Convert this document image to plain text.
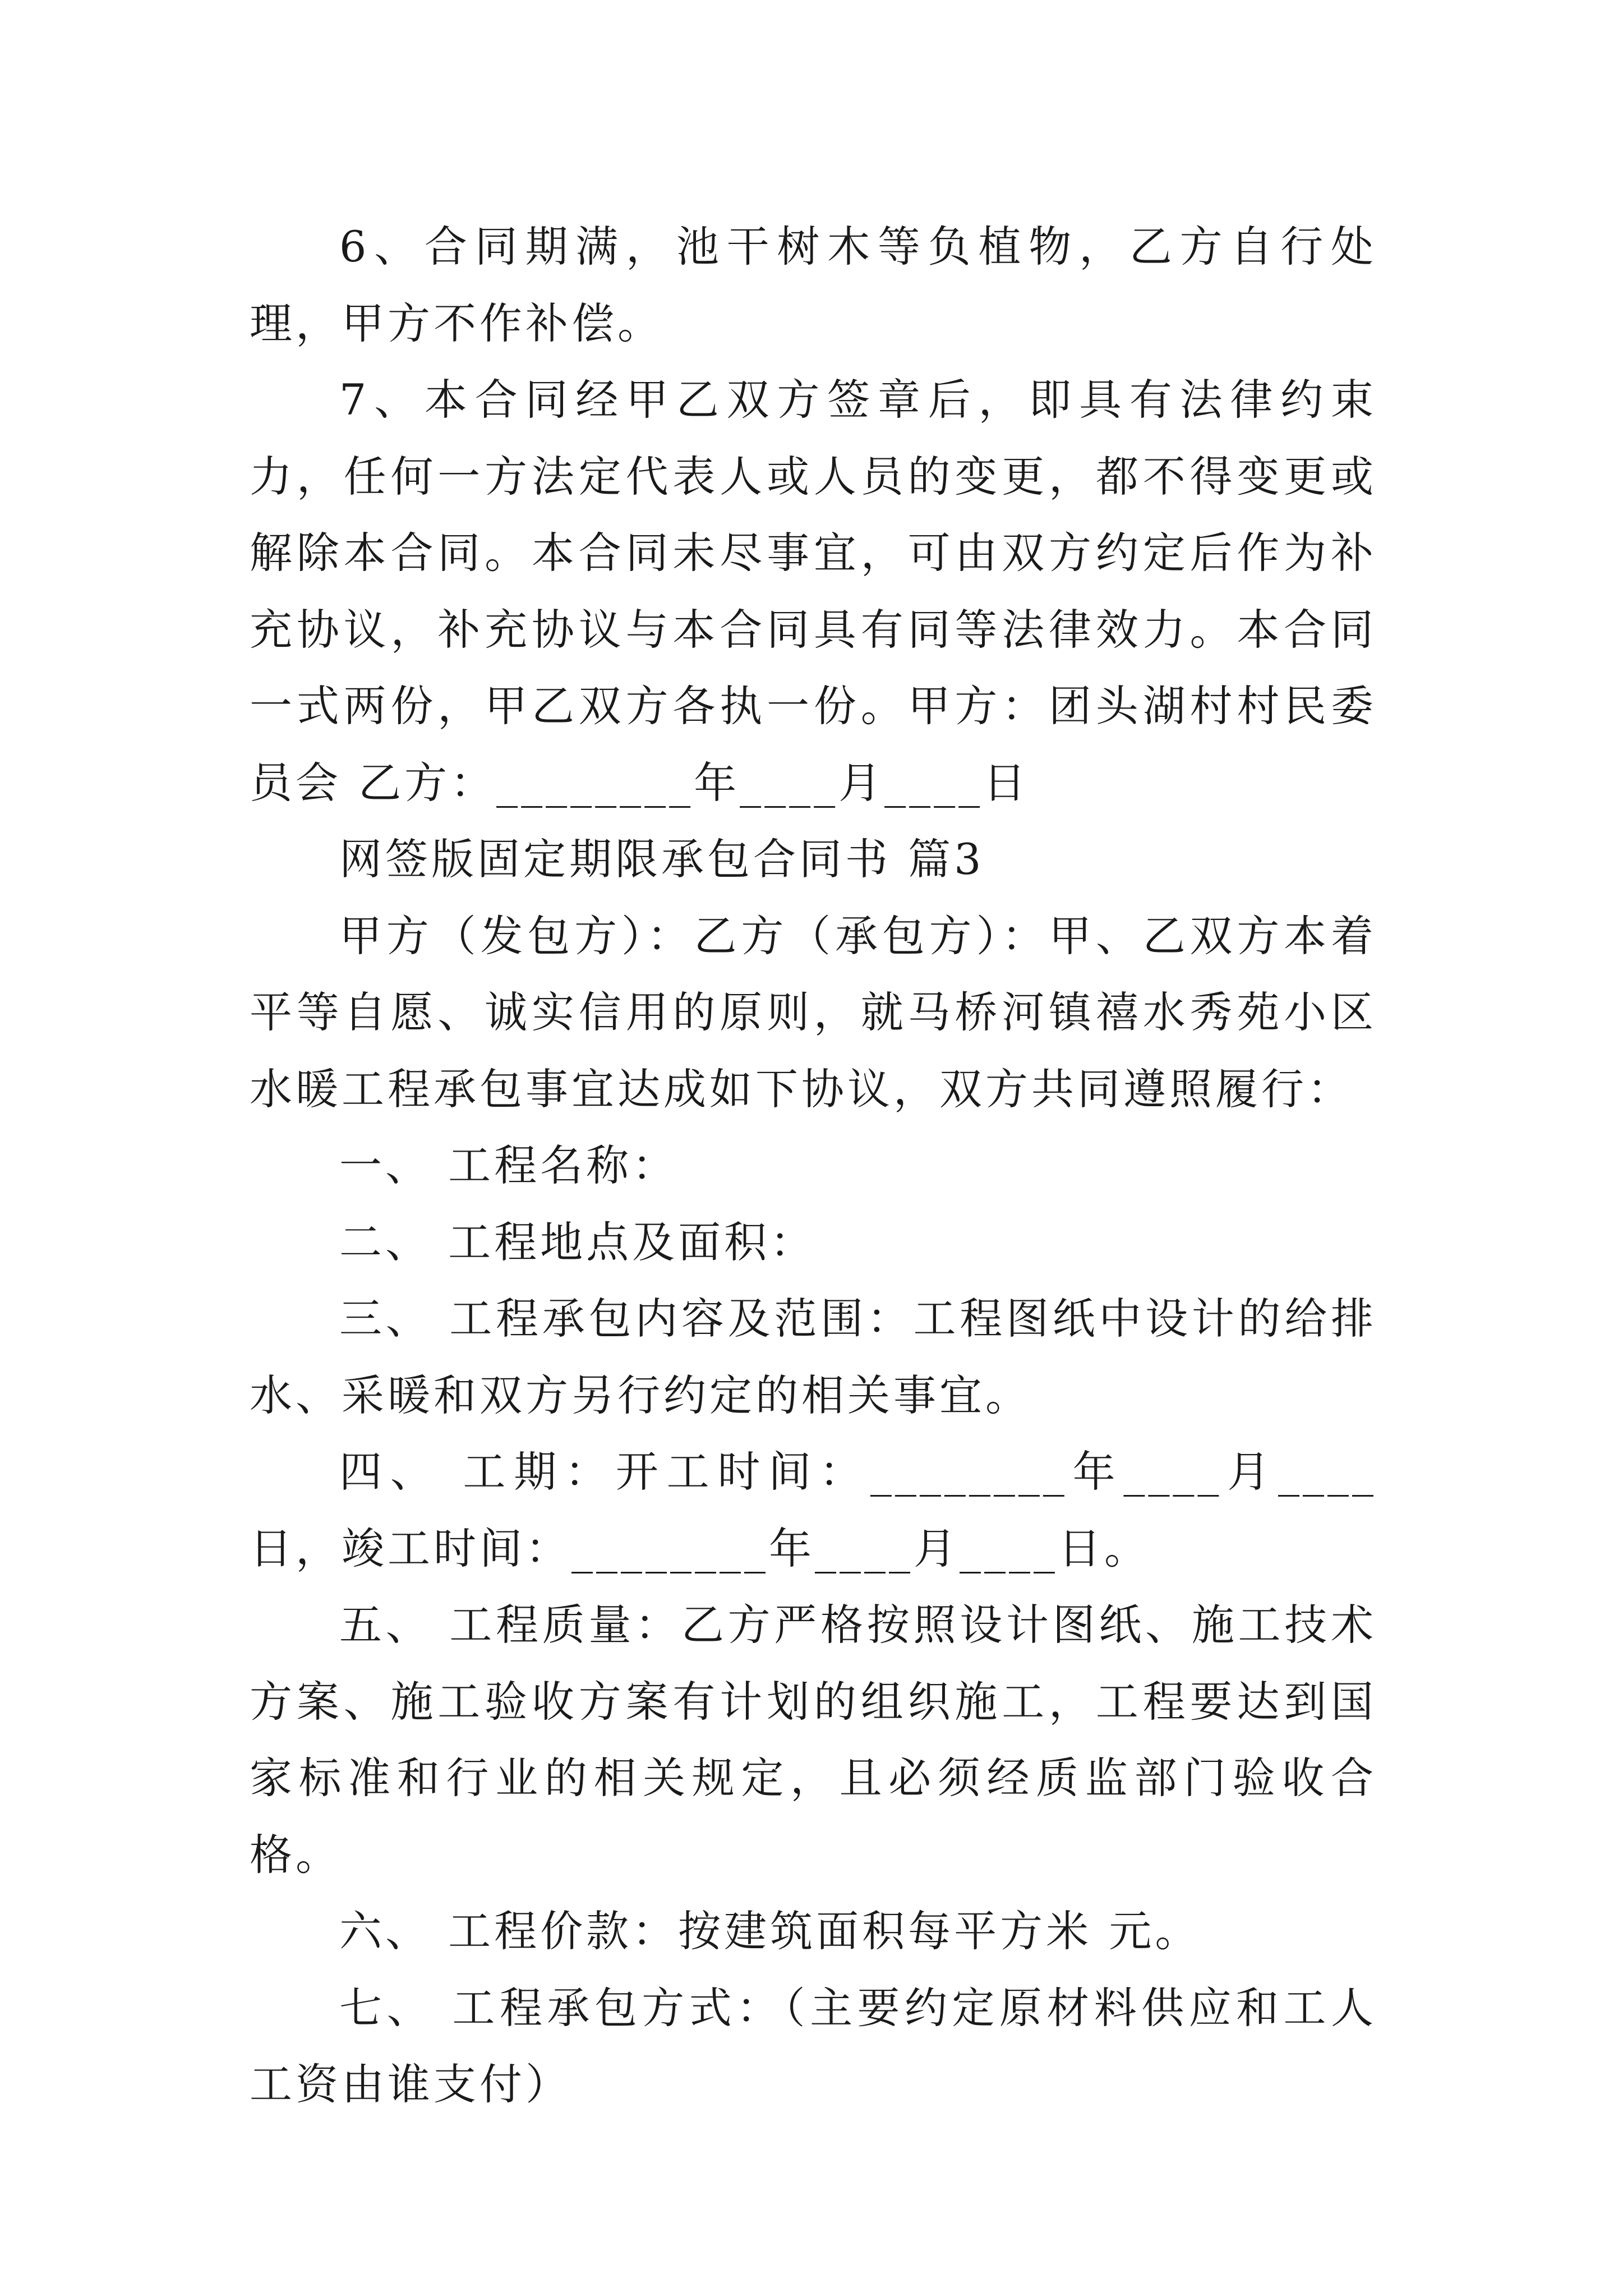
6、合同期满，池干树木等负植物，乙方自行处理，甲方不作补偿。

7、本合同经甲乙双方签章后，即具有法律约束力，任何一方法定代表人或人员的变更，都不得变更或解除本合同。本合同未尽事宜，可由双方约定后作为补充协议，补充协议与本合同具有同等法律效力。本合同一式两份，甲乙双方各执一份。甲方：团头湖村村民委员会 乙方：________年____月____日

网签版固定期限承包合同书 篇3

甲方（发包方）：乙方（承包方）：甲、乙双方本着平等自愿、诚实信用的原则，就马桥河镇禧水秀苑小区水暖工程承包事宜达成如下协议，双方共同遵照履行：

一、 工程名称：

二、 工程地点及面积：

三、 工程承包内容及范围：工程图纸中设计的给排水、采暖和双方另行约定的相关事宜。

四、 工期：开工时间：________年____月____日，竣工时间：________年____月____日。

五、 工程质量：乙方严格按照设计图纸、施工技术方案、施工验收方案有计划的组织施工，工程要达到国家标准和行业的相关规定，且必须经质监部门验收合格。

六、 工程价款：按建筑面积每平方米 元。

七、 工程承包方式：（主要约定原材料供应和工人工资由谁支付）
